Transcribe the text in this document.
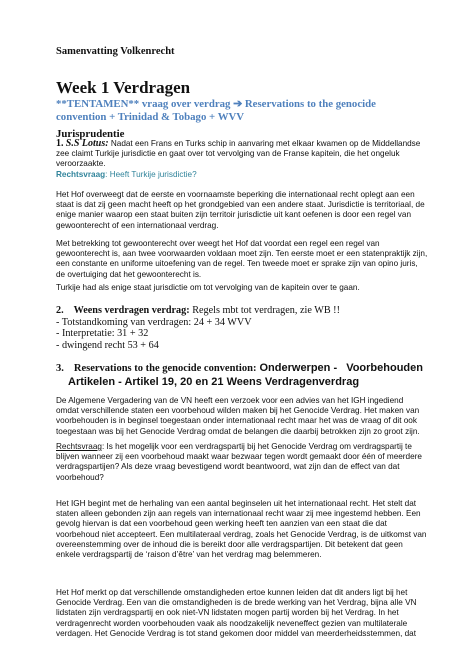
Samenvatting Volkenrecht
Week 1 Verdragen
**TENTAMEN** vraag over verdrag ➔ Reservations to the genocide convention + Trinidad & Tobago + WVV
Jurisprudentie
1. S.S Lotus: Nadat een Frans en Turks schip in aanvaring met elkaar kwamen op de Middellandse zee claimt Turkije jurisdictie en gaat over tot vervolging van de Franse kapitein, die het ongeluk veroorzaakte.
Rechtsvraag: Heeft Turkije jurisdictie?

Het Hof overweegt dat de eerste en voornaamste beperking die internationaal recht oplegt aan een staat is dat zij geen macht heeft op het grondgebied van een andere staat. Jurisdictie is territoriaal, de enige manier waarop een staat buiten zijn territoir jurisdictie uit kant oefenen is door een regel van gewoonterecht of een internationaal verdrag.

Met betrekking tot gewoonterecht over weegt het Hof dat voordat een regel een regel van gewoonterecht is, aan twee voorwaarden voldaan moet zijn. Ten eerste moet er een statenpraktijk zijn, een constante en uniforme uitoefening van de regel. Ten tweede moet er sprake zijn van opino juris, de overtuiging dat het gewoonterecht is.

Turkije had als enige staat jurisdictie om tot vervolging van de kapitein over te gaan.

2. Weens verdragen verdrag: Regels mbt tot verdragen, zie WB !!
- Totstandkoming van verdragen: 24 + 34 WVV
- Interpretatie: 31 + 32
- dwingend recht 53 + 64
3. Reservations to the genocide convention: Onderwerpen - Voorbehouden
Artikelen - Artikel 19, 20 en 21 Weens Verdragenverdrag

De Algemene Vergadering van de VN heeft een verzoek voor een advies van het IGH ingediend omdat verschillende staten een voorbehoud wilden maken bij het Genocide Verdrag. Het maken van voorbehouden is in beginsel toegestaan onder internationaal recht maar het was de vraag of dit ook toegestaan was bij het Genocide Verdrag omdat de belangen die daarbij betrokken zijn zo groot zijn.

Rechtsvraag: Is het mogelijk voor een verdragspartij bij het Genocide Verdrag om verdragspartij te blijven wanneer zij een voorbehoud maakt waar bezwaar tegen wordt gemaakt door één of meerdere verdragspartijen? Als deze vraag bevestigend wordt beantwoord, wat zijn dan de effect van dat voorbehoud?

Het IGH begint met de herhaling van een aantal beginselen uit het internationaal recht. Het stelt dat staten alleen gebonden zijn aan regels van internationaal recht waar zij mee ingestemd hebben. Een gevolg hiervan is dat een voorbehoud geen werking heeft ten aanzien van een staat die dat voorbehoud niet accepteert. Een multilateraal verdrag, zoals het Genocide Verdrag, is de uitkomst van overeenstemming over de inhoud die is bereikt door alle verdragspartijen. Dit betekent dat geen enkele verdragspartij de ‘raison d’être’ van het verdrag mag belemmeren.

Het Hof merkt op dat verschillende omstandigheden ertoe kunnen leiden dat dit anders ligt bij het Genocide Verdrag. Een van die omstandigheden is de brede werking van het Verdrag, bijna alle VN lidstaten zijn verdragspartij en ook niet-VN lidstaten mogen partij worden bij het Verdrag. In het verdragenrecht worden voorbehouden vaak als noodzakelijk neveneffect gezien van multilaterale verdagen. Het Genocide Verdrag is tot stand gekomen door middel van meerderheidsstemmen, dat
